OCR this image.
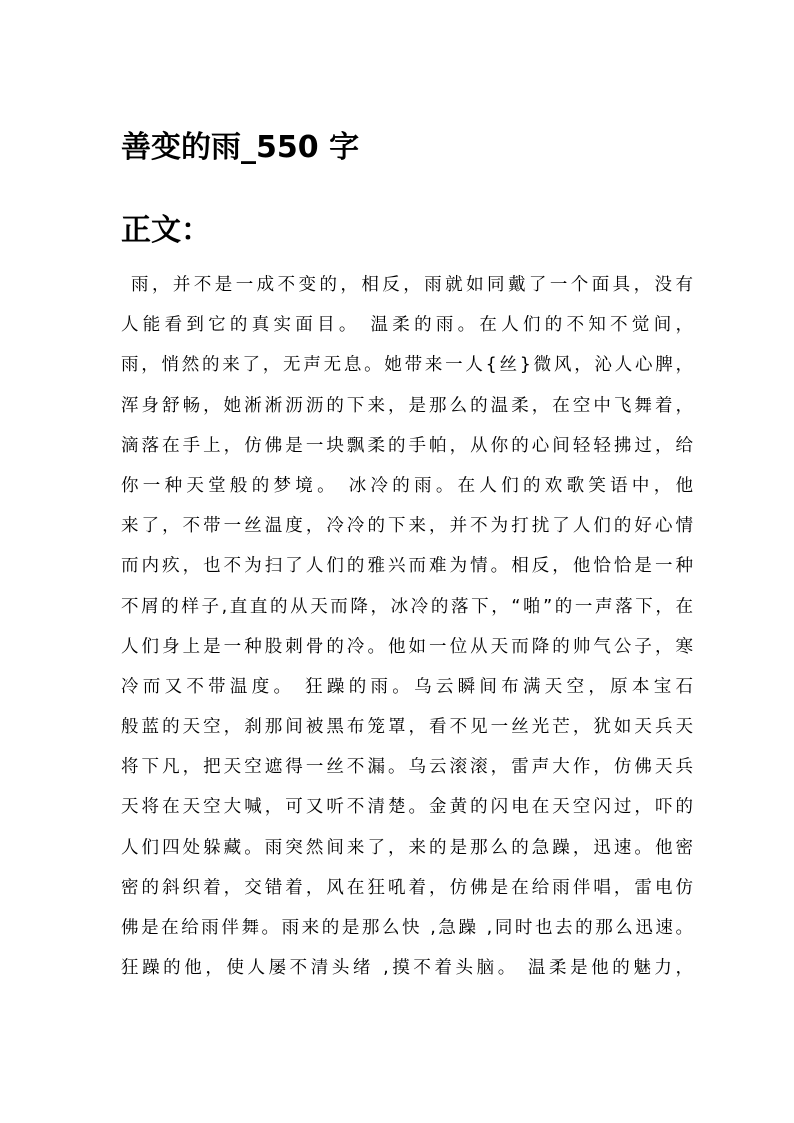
善变的雨_550 字
正文：
雨，并不是一成不变的，相反，雨就如同戴了一个面具，没有
人能看到它的真实面目。 温柔的雨。在人们的不知不觉间，
雨，悄然的来了，无声无息。她带来一人{丝}微风，沁人心脾，
浑身舒畅，她淅淅沥沥的下来，是那么的温柔，在空中飞舞着，
滴落在手上，仿佛是一块飘柔的手帕，从你的心间轻轻拂过，给
你一种天堂般的梦境。 冰冷的雨。在人们的欢歌笑语中，他
来了，不带一丝温度，冷冷的下来，并不为打扰了人们的好心情
而内疚，也不为扫了人们的雅兴而难为情。相反，他恰恰是一种
不屑的样子,直直的从天而降，冰冷的落下，“啪”的一声落下，在
人们身上是一种股刺骨的冷。他如一位从天而降的帅气公子，寒
冷而又不带温度。 狂躁的雨。乌云瞬间布满天空，原本宝石
般蓝的天空，刹那间被黑布笼罩，看不见一丝光芒，犹如天兵天
将下凡，把天空遮得一丝不漏。乌云滚滚，雷声大作，仿佛天兵
天将在天空大喊，可又听不清楚。金黄的闪电在天空闪过，吓的
人们四处躲藏。雨突然间来了，来的是那么的急躁，迅速。他密
密的斜织着，交错着，风在狂吼着，仿佛是在给雨伴唱，雷电仿
佛是在给雨伴舞。雨来的是那么快 ,急躁 ,同时也去的那么迅速。
狂躁的他，使人屡不清头绪 ,摸不着头脑。 温柔是他的魅力，
